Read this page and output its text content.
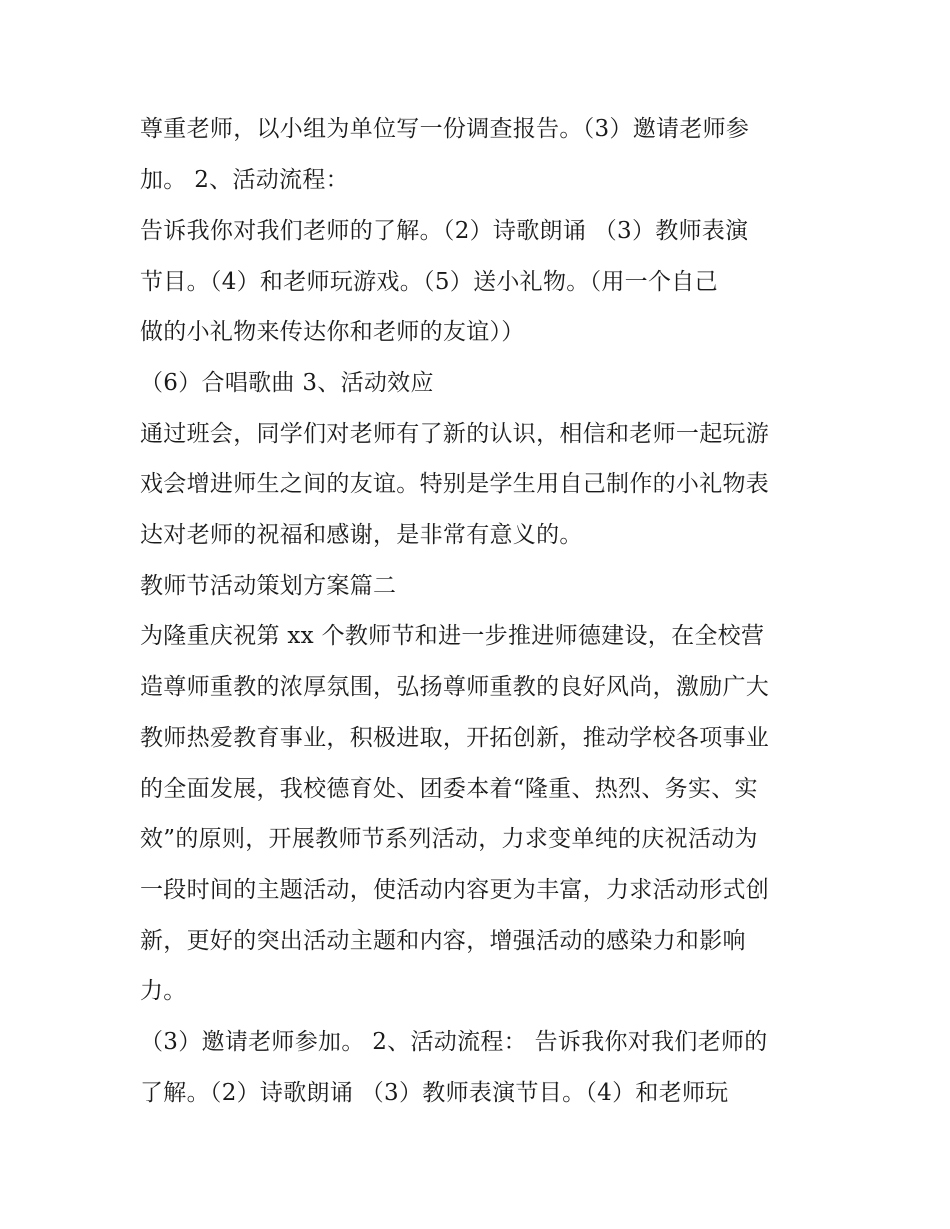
尊重老师，以小组为单位写一份调查报告。（3）邀请老师参
加。 2、活动流程：
告诉我你对我们老师的了解。（2）诗歌朗诵 （3）教师表演
节目。（4）和老师玩游戏。（5）送小礼物。（用一个自己
做的小礼物来传达你和老师的友谊））
（6）合唱歌曲 3、活动效应
通过班会，同学们对老师有了新的认识，相信和老师一起玩游
戏会增进师生之间的友谊。特别是学生用自己制作的小礼物表
达对老师的祝福和感谢，是非常有意义的。
教师节活动策划方案篇二
为隆重庆祝第 xx 个教师节和进一步推进师德建设，在全校营
造尊师重教的浓厚氛围，弘扬尊师重教的良好风尚，激励广大
教师热爱教育事业，积极进取，开拓创新，推动学校各项事业
的全面发展，我校德育处、团委本着“隆重、热烈、务实、实
效”的原则，开展教师节系列活动，力求变单纯的庆祝活动为
一段时间的主题活动，使活动内容更为丰富，力求活动形式创
新，更好的突出活动主题和内容，增强活动的感染力和影响
力。
（3）邀请老师参加。 2、活动流程： 告诉我你对我们老师的
了解。（2）诗歌朗诵 （3）教师表演节目。（4）和老师玩
